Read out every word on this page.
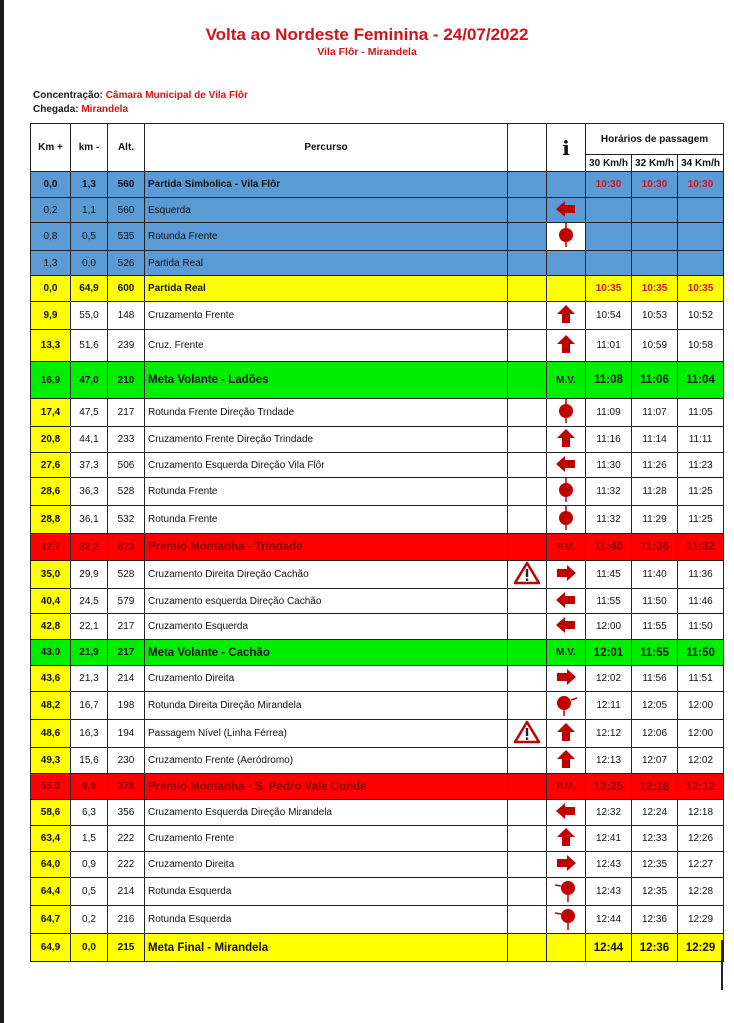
Volta ao Nordeste Feminina - 24/07/2022
Vila Flôr - Mirandela
Concentração: Câmara Municipal de Vila Flôr
Chegada: Mirandela
Km +	km -	Alt.	Percurso		i	Horários de passagem		
						30 Km/h	32 Km/h	34 Km/h
0,0	1,3	560	Partida Simbolica - Vila Flôr			10:30	10:30	10:30
0,2	1,1	560	Esquerda					
0,8	0,5	535	Rotunda Frente					
1,3	0,0	526	Partida Real					
0,0	64,9	600	Partida Real			10:35	10:35	10:35
9,9	55,0	148	Cruzamento Frente			10:54	10:53	10:52
13,3	51,6	239	Cruz. Frente			11:01	10:59	10:58
16,9	47,0	210	Meta Volante - Ladões		M.V.	11:08	11:06	11:04
17,4	47,5	217	Rotunda Frente Direção Trndade			11:09	11:07	11:05
20,8	44,1	233	Cruzamento Frente Direção Trindade			11:16	11:14	11:11
27,6	37,3	506	Cruzamento Esquerda Direção Vila Flôr			11:30	11:26	11:23
28,6	36,3	528	Rotunda Frente			11:32	11:28	11:25
28,8	36,1	532	Rotunda Frente			11:32	11:29	11:25
32,7	32,2	673	Prémio Montanha - Trindade		P.M.	11:40	11:36	11:32
35,0	29,9	528	Cruzamento Direita Direção Cachão			11:45	11:40	11:36
40,4	24,5	579	Cruzamento esquerda Direção Cachão			11:55	11:50	11:46
42,8	22,1	217	Cruzamento Esquerda			12:00	11:55	11:50
43,0	21,9	217	Meta Volante - Cachão		M.V.	12:01	11:55	11:50
43,6	21,3	214	Cruzamento Direita			12:02	11:56	11:51
48,2	16,7	198	Rotunda Direita Direção Mirandela			12:11	12:05	12:00
48,6	16,3	194	Passagem Nível (Linha Férrea)			12:12	12:06	12:00
49,3	15,6	230	Cruzamento Frente (Aeródromo)			12:13	12:07	12:02
55,0	9,9	378	Prémio Montanha - S. Pedro Vale Conde		P.M.	12:25	12:18	12:12
58,6	6,3	356	Cruzamento Esquerda Direção Mirandela			12:32	12:24	12:18
63,4	1,5	222	Cruzamento Frente			12:41	12:33	12:26
64,0	0,9	222	Cruzamento Direita			12:43	12:35	12:27
64,4	0,5	214	Rotunda Esquerda			12:43	12:35	12:28
64,7	0,2	216	Rotunda Esquerda			12:44	12:36	12:29
64,9	0,0	215	Meta Final - Mirandela			12:44	12:36	12:29
